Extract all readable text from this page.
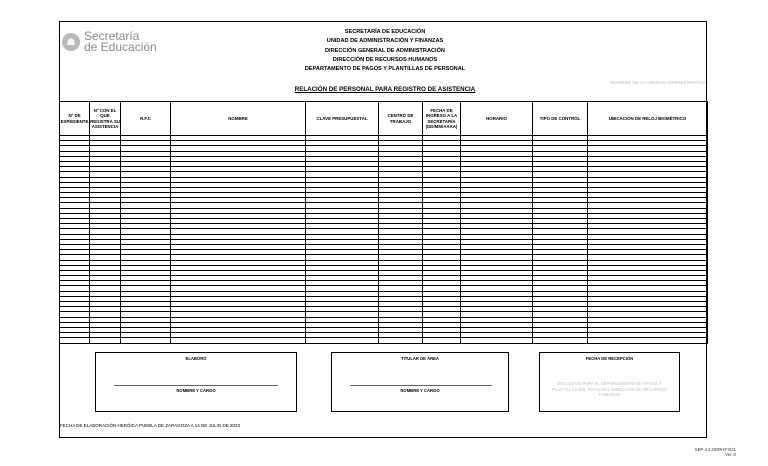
Secretaría
de Educación
SECRETARÍA DE EDUCACIÓN
UNIDAD DE ADMINISTRACIÓN Y FINANZAS
DIRECCIÓN GENERAL DE ADMINISTRACIÓN
DIRECCIÓN DE RECURSOS HUMANOS
DEPARTAMENTO DE PAGOS Y PLANTILLAS DE PERSONAL
NOMBRE DE LA UNIDAD ADMINISTRATIVA
RELACIÓN DE PERSONAL PARA REGISTRO DE ASISTENCIA
Nº DE EXPEDIENTE	Nº CON EL QUE REGISTRA SU ASISTENCIA	R.F.C	NOMBRE	CLAVE PRESUPUESTAL	CENTRO DE TRABAJO	FECHA DE INGRESO A LA SECRETARÍA (DD/MM/AAAA)	HORARIO	TIPO DE CONTROL	UBICACIÓN DE RELOJ BIOMÉTRICO

ELABORÓ
NOMBRE Y CARGO
TITULAR DE ÁREA
NOMBRE Y CARGO
FECHA DE RECEPCIÓN
EXCLUSIVO PARA EL DEPARTAMENTO DE PAGOS Y PLANTILLAS DEL PERSONAL DIRECCIÓN DE RECURSOS HUMANOS
FECHA DE ELABORACIÓN HERÓICA PUEBLA DE ZARAGOZA A 14 DE JULIO DE 2023
SEP-4.2.3/DRH/F/021
Ver.:0
